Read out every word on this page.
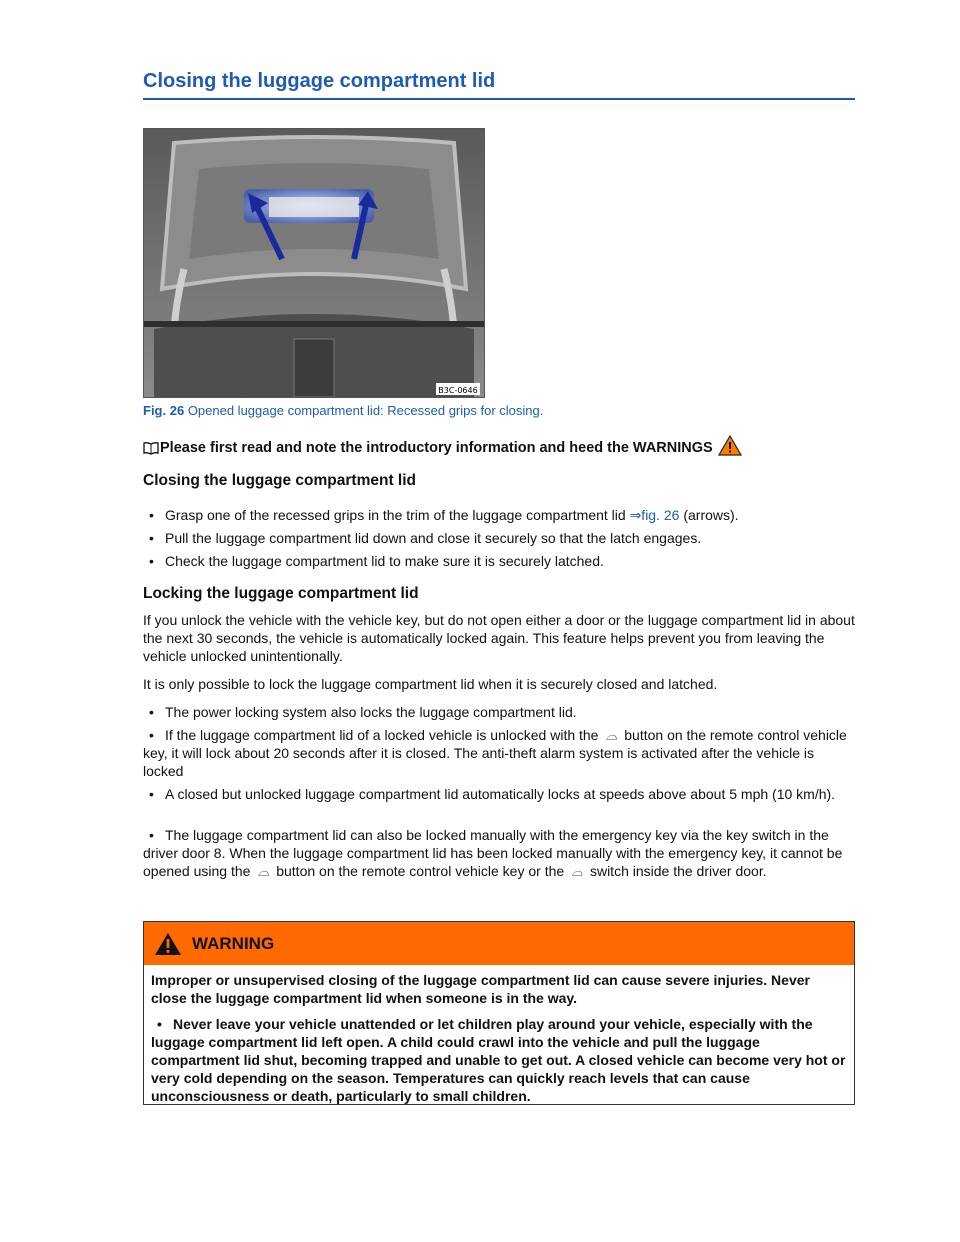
Closing the luggage compartment lid
B3C-0646
Fig. 26 Opened luggage compartment lid: Recessed grips for closing.
Please first read and note the introductory information and heed the WARNINGS
Closing the luggage compartment lid
• Grasp one of the recessed grips in the trim of the luggage compartment lid ⇒fig. 26 (arrows).
• Pull the luggage compartment lid down and close it securely so that the latch engages.
• Check the luggage compartment lid to make sure it is securely latched.
Locking the luggage compartment lid
If you unlock the vehicle with the vehicle key, but do not open either a door or the luggage compartment lid in about the next 30 seconds, the vehicle is automatically locked again. This feature helps prevent you from leaving the vehicle unlocked unintentionally.
It is only possible to lock the luggage compartment lid when it is securely closed and latched.
• The power locking system also locks the luggage compartment lid.
• If the luggage compartment lid of a locked vehicle is unlocked with the ⌓ button on the remote control vehicle key, it will lock about 20 seconds after it is closed. The anti-theft alarm system is activated after the vehicle is locked
• A closed but unlocked luggage compartment lid automatically locks at speeds above about 5 mph (10 km/h).
• The luggage compartment lid can also be locked manually with the emergency key via the key switch in the driver door 8. When the luggage compartment lid has been locked manually with the emergency key, it cannot be opened using the ⌓ button on the remote control vehicle key or the ⌓ switch inside the driver door.
WARNING

Improper or unsupervised closing of the luggage compartment lid can cause severe injuries. Never close the luggage compartment lid when someone is in the way.

• Never leave your vehicle unattended or let children play around your vehicle, especially with the luggage compartment lid left open. A child could crawl into the vehicle and pull the luggage compartment lid shut, becoming trapped and unable to get out. A closed vehicle can become very hot or very cold depending on the season. Temperatures can quickly reach levels that can cause unconsciousness or death, particularly to small children.
